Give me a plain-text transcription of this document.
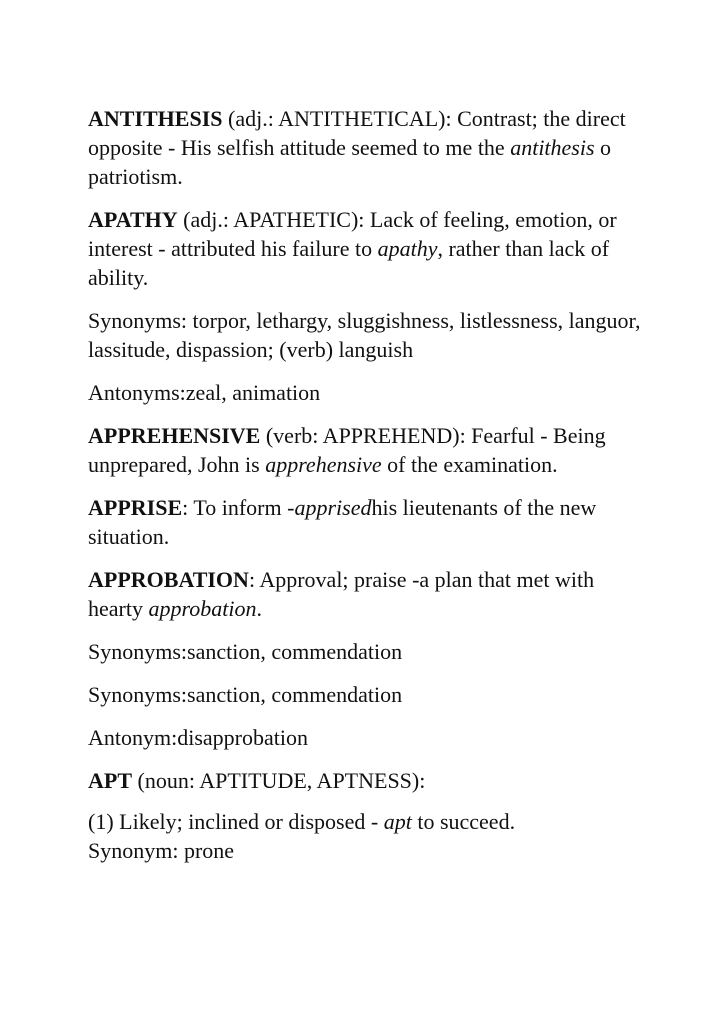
ANTITHESIS (adj.: ANTITHETICAL): Contrast; the direct opposite - His selfish attitude seemed to me the antithesis o patriotism.

APATHY (adj.: APATHETIC): Lack of feeling, emotion, or interest - attributed his failure to apathy, rather than lack of ability.

Synonyms: torpor, lethargy, sluggishness, listlessness, languor, lassitude, dispassion; (verb) languish

Antonyms:zeal, animation

APPREHENSIVE (verb: APPREHEND): Fearful - Being unprepared, John is apprehensive of the examination.

APPRISE: To inform -apprisedhis lieutenants of the new situation.

APPROBATION: Approval; praise -a plan that met with hearty approbation.

Synonyms:sanction, commendation

Synonyms:sanction, commendation

Antonym:disapprobation

APT (noun: APTITUDE, APTNESS):

(1) Likely; inclined or disposed - apt to succeed.
Synonym: prone
